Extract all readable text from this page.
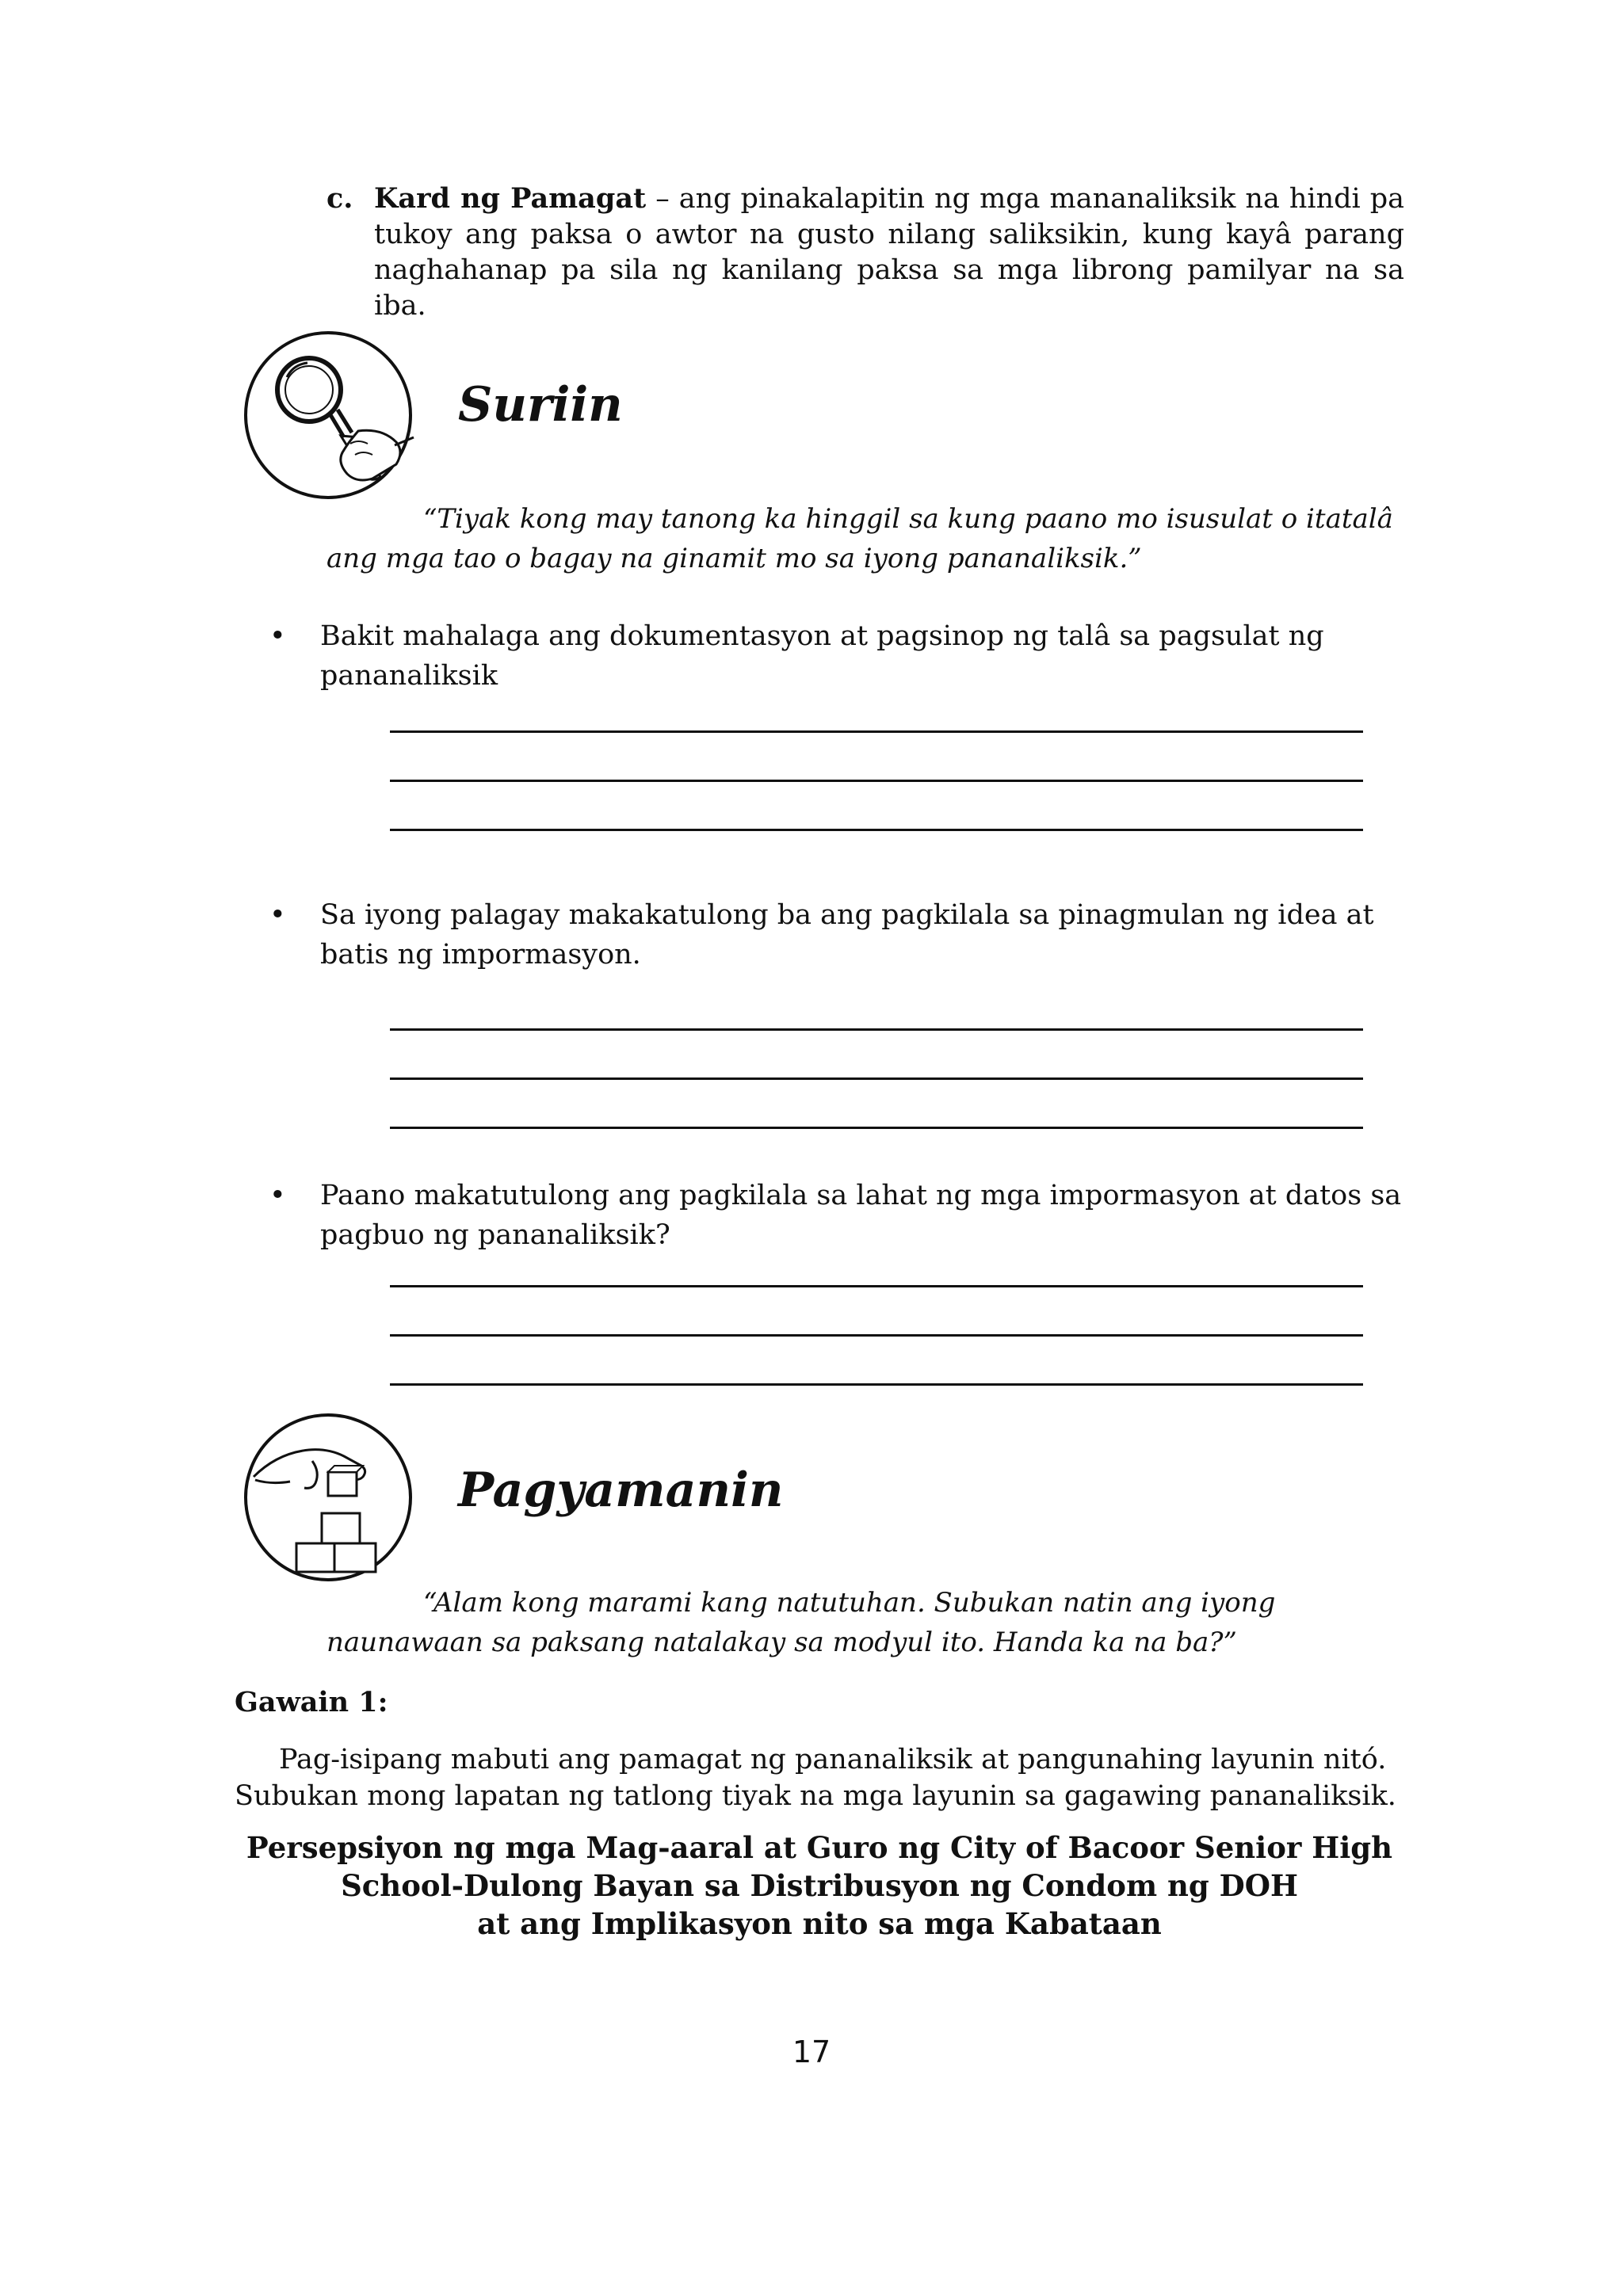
c. Kard ng Pamagat – ang pinakalapitin ng mga mananaliksik na hindi pa tukoy ang paksa o awtor na gusto nilang saliksikin, kung kayâ parang naghahanap pa sila ng kanilang paksa sa mga librong pamilyar na sa iba.
Suriin
“Tiyak kong may tanong ka hinggil sa kung paano mo isusulat o itatalâ
ang mga tao o bagay na ginamit mo sa iyong pananaliksik.”
• Bakit mahalaga ang dokumentasyon at pagsinop ng talâ sa pagsulat ng pananaliksik
• Sa iyong palagay makakatulong ba ang pagkilala sa pinagmulan ng idea at batis ng impormasyon.
• Paano makatutulong ang pagkilala sa lahat ng mga impormasyon at datos sa pagbuo ng pananaliksik?
Pagyamanin
“Alam kong marami kang natutuhan. Subukan natin ang iyong
naunawaan sa paksang natalakay sa modyul ito. Handa ka na ba?”
Gawain 1:
Pag-isipang mabuti ang pamagat ng pananaliksik at pangunahing layunin nitó.
Subukan mong lapatan ng tatlong tiyak na mga layunin sa gagawing pananaliksik.
Persepsiyon ng mga Mag-aaral at Guro ng City of Bacoor Senior High
School-Dulong Bayan sa Distribusyon ng Condom ng DOH
at ang Implikasyon nito sa mga Kabataan
17
